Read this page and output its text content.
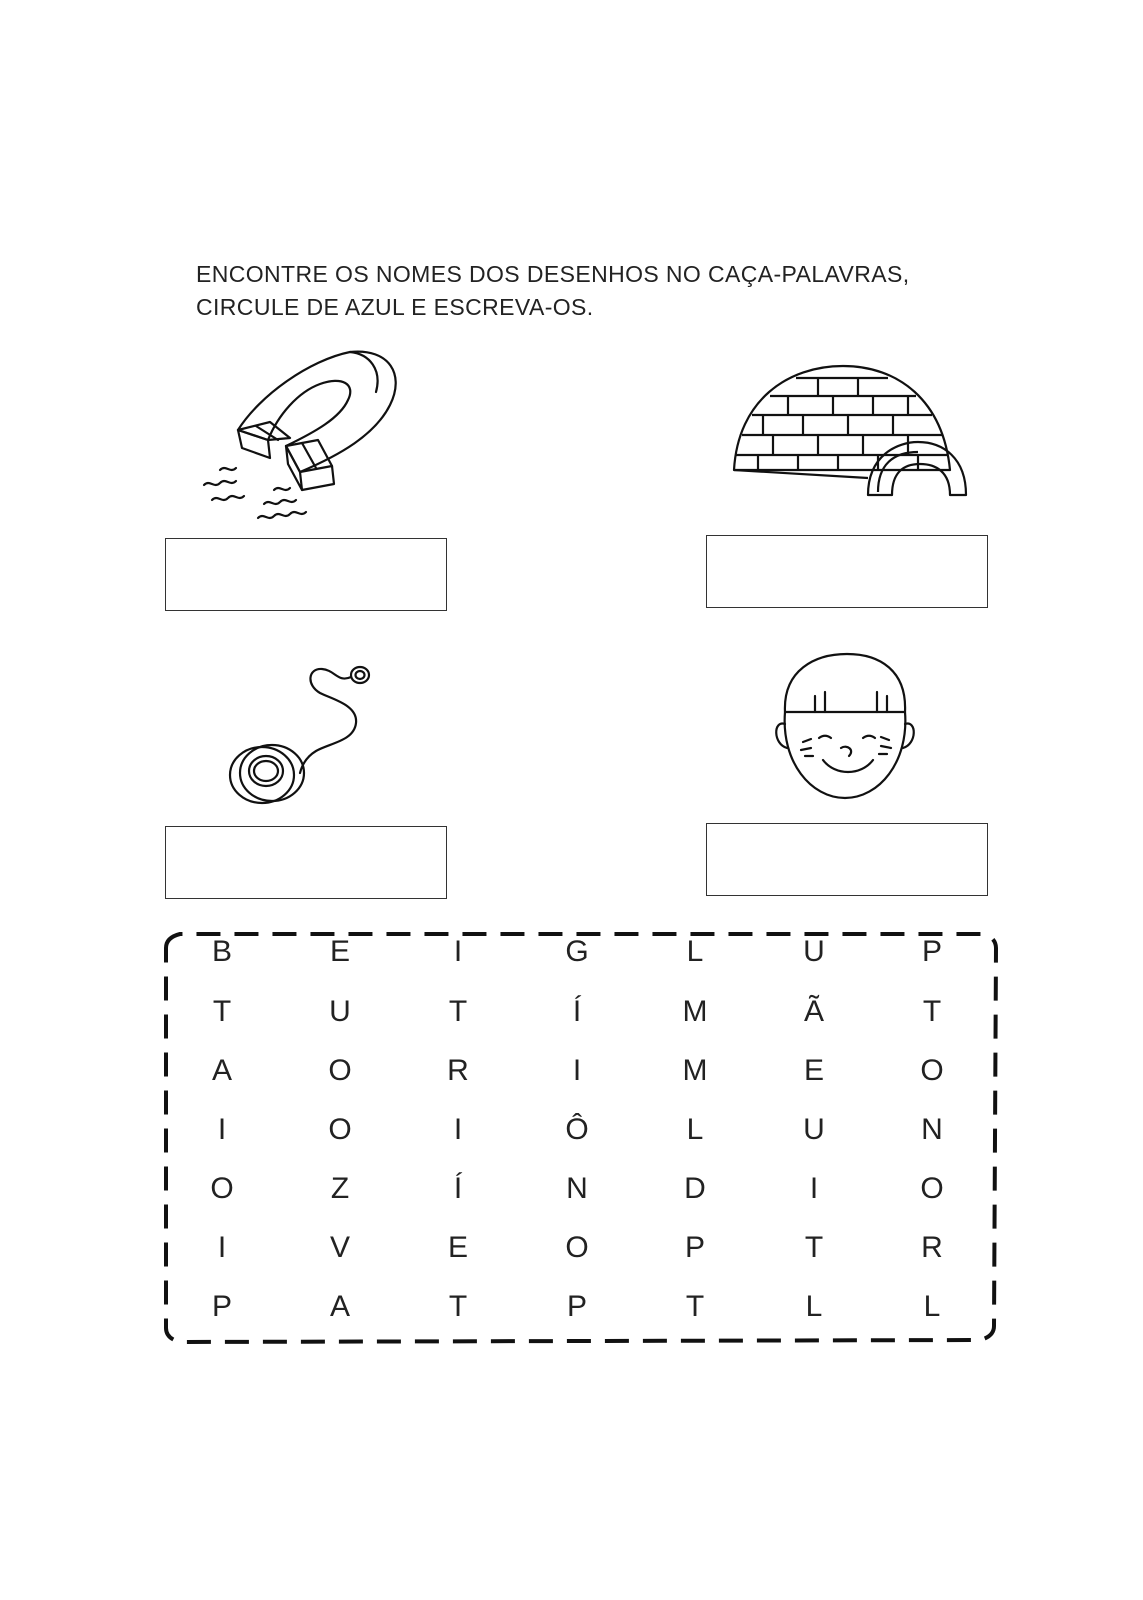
ENCONTRE OS NOMES DOS DESENHOS NO CAÇA-PALAVRAS,
CIRCULE DE AZUL E ESCREVA-OS.
B	E	I	G	L	U	P
T	U	T	Í	M	Ã	T
A	O	R	I	M	E	O
I	O	I	Ô	L	U	N
O	Z	Í	N	D	I	O
I	V	E	O	P	T	R
P	A	T	P	T	L	L
